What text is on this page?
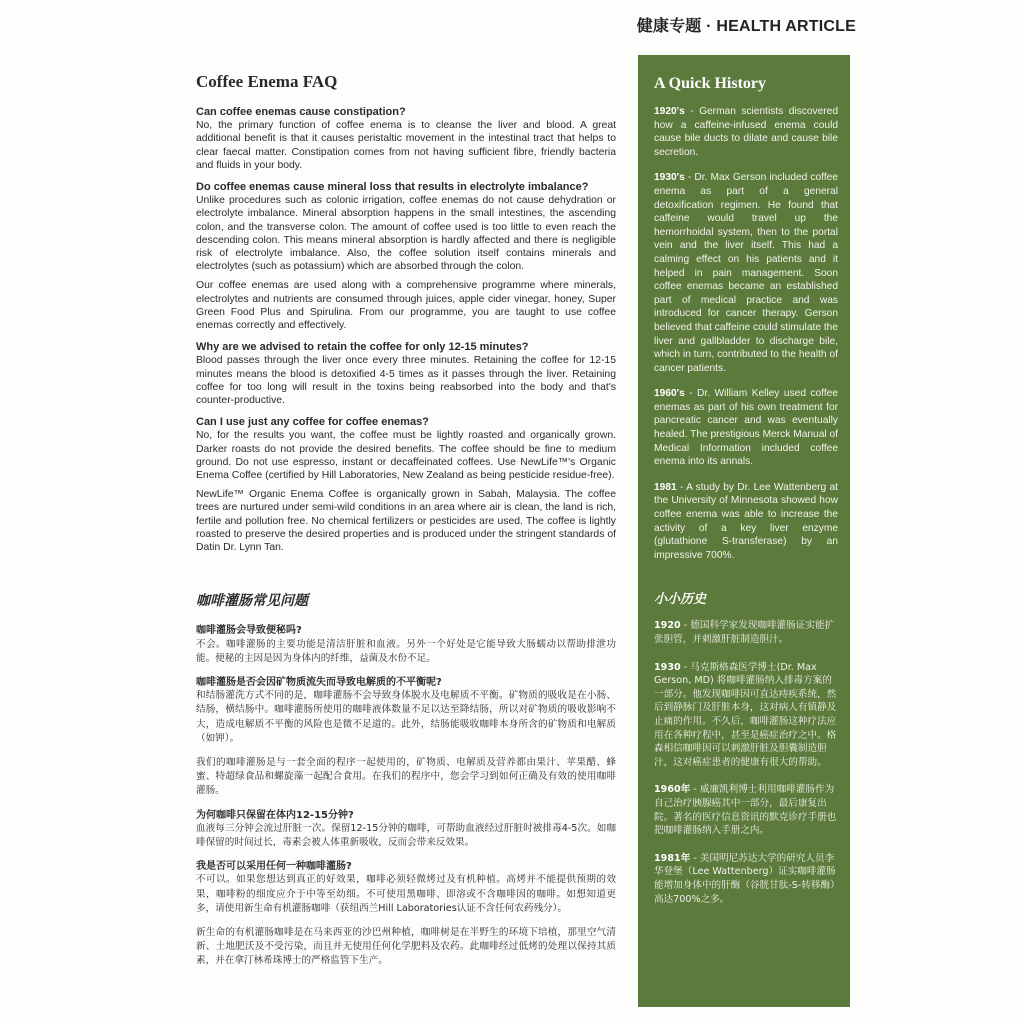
健康专题 · HEALTH ARTICLE
Coffee Enema FAQ

Can coffee enemas cause constipation?

No, the primary function of coffee enema is to cleanse the liver and blood. A great additional benefit is that it causes peristaltic movement in the intestinal tract that helps to clear faecal matter. Constipation comes from not having sufficient fibre, friendly bacteria and fluids in your body.

Do coffee enemas cause mineral loss that results in electrolyte imbalance?

Unlike procedures such as colonic irrigation, coffee enemas do not cause dehydration or electrolyte imbalance. Mineral absorption happens in the small intestines, the ascending colon, and the transverse colon. The amount of coffee used is too little to even reach the descending colon. This means mineral absorption is hardly affected and there is negligible risk of electrolyte imbalance. Also, the coffee solution itself contains minerals and electrolytes (such as potassium) which are absorbed through the colon.

Our coffee enemas are used along with a comprehensive programme where minerals, electrolytes and nutrients are consumed through juices, apple cider vinegar, honey, Super Green Food Plus and Spirulina. From our programme, you are taught to use coffee enemas correctly and effectively.

Why are we advised to retain the coffee for only 12-15 minutes?

Blood passes through the liver once every three minutes. Retaining the coffee for 12-15 minutes means the blood is detoxified 4-5 times as it passes through the liver. Retaining coffee for too long will result in the toxins being reabsorbed into the body and that's counter-productive.

Can I use just any coffee for coffee enemas?

No, for the results you want, the coffee must be lightly roasted and organically grown. Darker roasts do not provide the desired benefits. The coffee should be fine to medium ground. Do not use espresso, instant or decaffeinated coffees. Use NewLife™'s Organic Enema Coffee (certified by Hill Laboratories, New Zealand as being pesticide residue-free).

NewLife™ Organic Enema Coffee is organically grown in Sabah, Malaysia. The coffee trees are nurtured under semi-wild conditions in an area where air is clean, the land is rich, fertile and pollution free. No chemical fertilizers or pesticides are used. The coffee is lightly roasted to preserve the desired properties and is produced under the stringent standards of Datin Dr. Lynn Tan.

咖啡灌肠常见问题

咖啡灌肠会导致便秘吗?

不会。咖啡灌肠的主要功能是清洁肝脏和血液。另外一个好处是它能导致大肠蠕动以帮助排泄功能。便秘的主因是因为身体内的纤维，益菌及水份不足。

咖啡灌肠是否会因矿物质流失而导致电解质的不平衡呢?

和结肠灌洗方式不同的是，咖啡灌肠不会导致身体脱水及电解质不平衡。矿物质的吸收是在小肠、结肠，横结肠中。咖啡灌肠所使用的咖啡液体数量不足以达至降结肠，所以对矿物质的吸收影响不大，造成电解质不平衡的风险也是微不足道的。此外，结肠能吸收咖啡本身所含的矿物质和电解质（如钾）。

我们的咖啡灌肠是与一套全面的程序一起使用的，矿物质、电解质及营养都由果汁、苹果醋、蜂蜜、特超绿食品和螺旋藻一起配合食用。在我们的程序中，您会学习到如何正确及有效的使用咖啡灌肠。

为何咖啡只保留在体内12-15分钟?

血液每三分钟会流过肝脏一次。保留12-15分钟的咖啡，可帮助血液经过肝脏时被排毒4-5次。如咖啡保留的时间过长，毒素会被人体重新吸收，反而会带来反效果。

我是否可以采用任何一种咖啡灌肠?

不可以。如果您想达到真正的好效果，咖啡必须轻微烤过及有机种植。高烤并不能提供预期的效果，咖啡粉的细度应介于中等至幼细。不可使用黑咖啡、即溶或不含咖啡因的咖啡。如想知道更多，请使用新生命有机灌肠咖啡（获纽西兰Hill Laboratories认证不含任何农药残分）。

新生命的有机灌肠咖啡是在马来西亚的沙巴州种植，咖啡树是在半野生的环境下培植，那里空气清新、土地肥沃及不受污染，而且并无使用任何化学肥料及农药。此咖啡经过低烤的处理以保持其质素，并在拿汀林希珠博士的严格监管下生产。

A Quick History

1920's - German scientists discovered how a caffeine-infused enema could cause bile ducts to dilate and cause bile secretion.

1930's - Dr. Max Gerson included coffee enema as part of a general detoxification regimen. He found that caffeine would travel up the hemorrhoidal system, then to the portal vein and the liver itself. This had a calming effect on his patients and it helped in pain management. Soon coffee enemas became an established part of medical practice and was introduced for cancer therapy. Gerson believed that caffeine could stimulate the liver and gallbladder to discharge bile, which in turn, contributed to the health of cancer patients.

1960's - Dr. William Kelley used coffee enemas as part of his own treatment for pancreatic cancer and was eventually healed. The prestigious Merck Manual of Medical Information included coffee enema into its annals.

1981 - A study by Dr. Lee Wattenberg at the University of Minnesota showed how coffee enema was able to increase the activity of a key liver enzyme (glutathione S-transferase) by an impressive 700%.

小小历史

1920 - 德国科学家发现咖啡灌肠证实能扩张胆管，并刺激肝脏制造胆汁。

1930 - 马克斯格森医学博士(Dr. Max Gerson, MD) 将咖啡灌肠纳入排毒方案的一部分。他发现咖啡因可直达痔疾系统，然后到静脉门及肝脏本身，这对病人有镇静及止痛的作用。不久后，咖啡灌肠这种疗法应用在各种疗程中，甚至是癌症治疗之中。格森相信咖啡因可以刺激肝脏及胆囊制造胆汁，这对癌症患者的健康有很大的帮助。

1960年 - 威廉凯利博士利用咖啡灌肠作为自己治疗胰腺癌其中一部分，最后康复出院。著名的医疗信息资讯的默克诊疗手册也把咖啡灌肠纳入手册之内。

1981年 - 美国明尼苏达大学的研究人员李华登堡（Lee Wattenberg）证实咖啡灌肠能增加身体中的肝酶（谷胱甘肽-S-转移酶）高达700%之多。
